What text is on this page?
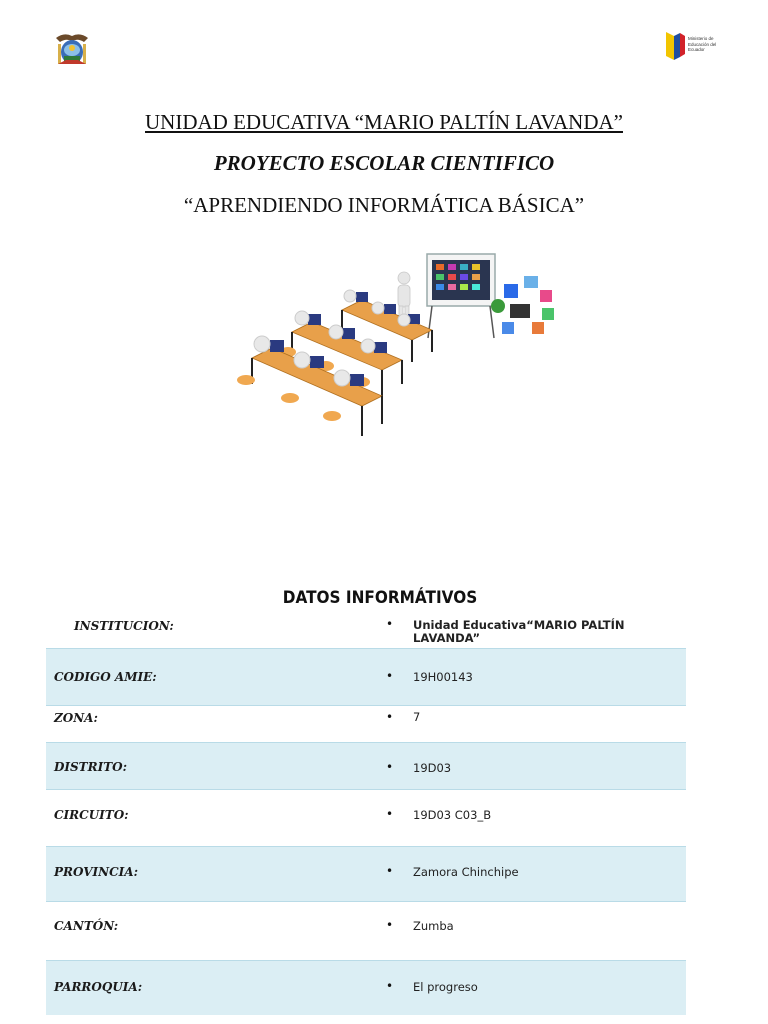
Ministerio de Educación del Ecuador
UNIDAD EDUCATIVA “MARIO PALTÍN LAVANDA”
PROYECTO ESCOLAR CIENTIFICO
“APRENDIENDO INFORMÁTICA BÁSICA”
DATOS INFORMÁTIVOS
INSTITUCION:	• Unidad Educativa“MARIO PALTÍN LAVANDA”
CODIGO AMIE:	• 19H00143
ZONA:	• 7
DISTRITO:	• 19D03
CIRCUITO:	• 19D03 C03_B
PROVINCIA:	• Zamora Chinchipe
CANTÓN:	• Zumba
PARROQUIA:	• El progreso
